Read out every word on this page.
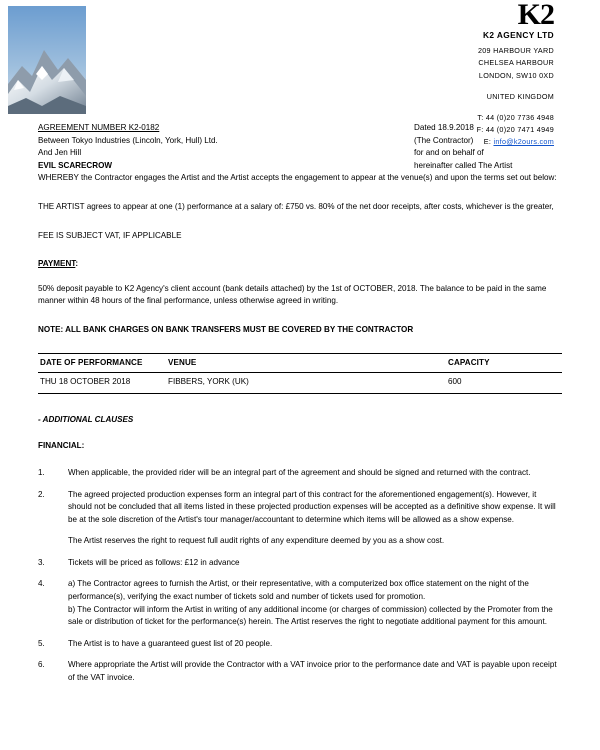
K2
K2 AGENCY LTD
209 HARBOUR YARD
CHELSEA HARBOUR
LONDON, SW10 0XD
UNITED KINGDOM
T: 44 (0)20 7736 4948
F: 44 (0)20 7471 4949
E: info@k2ours.com
AGREEMENT NUMBER K2-0182	Dated 18.9.2018
Between Tokyo Industries (Lincoln, York, Hull) Ltd.	(The Contractor)
And Jen Hill	for and on behalf of
EVIL SCARECROW	hereinafter called The Artist

WHEREBY the Contractor engages the Artist and the Artist accepts the engagement to appear at the venue(s) and upon the terms set out below:

THE ARTIST agrees to appear at one (1) performance at a salary of: £750 vs. 80% of the net door receipts, after costs, whichever is the greater,

FEE IS SUBJECT VAT, IF APPLICABLE

PAYMENT:

50% deposit payable to K2 Agency's client account (bank details attached) by the 1st of OCTOBER, 2018. The balance to be paid in the same manner within 48 hours of the final performance, unless otherwise agreed in writing.

NOTE: ALL BANK CHARGES ON BANK TRANSFERS MUST BE COVERED BY THE CONTRACTOR

DATE OF PERFORMANCE	VENUE	CAPACITY
THU 18 OCTOBER 2018	FIBBERS, YORK (UK)	600

- ADDITIONAL CLAUSES

FINANCIAL:

1.	When applicable, the provided rider will be an integral part of the agreement and should be signed and returned with the contract.

2.	The agreed projected production expenses form an integral part of this contract for the aforementioned engagement(s). However, it should not be concluded that all items listed in these projected production expenses will be accepted as a definitive show expense. It will be at the sole discretion of the Artist's tour manager/accountant to determine which items will be allowed as a show expense.

The Artist reserves the right to request full audit rights of any expenditure deemed by you as a show cost.

3.	Tickets will be priced as follows: £12 in advance

4.	a) The Contractor agrees to furnish the Artist, or their representative, with a computerized box office statement on the night of the performance(s), verifying the exact number of tickets sold and number of tickets used for promotion.

b) The Contractor will inform the Artist in writing of any additional income (or charges of commission) collected by the Promoter from the sale or distribution of ticket for the performance(s) herein. The Artist reserves the right to negotiate additional payment for this amount.

5.	The Artist is to have a guaranteed guest list of 20 people.

6.	Where appropriate the Artist will provide the Contractor with a VAT invoice prior to the performance date and VAT is payable upon receipt of the VAT invoice.
